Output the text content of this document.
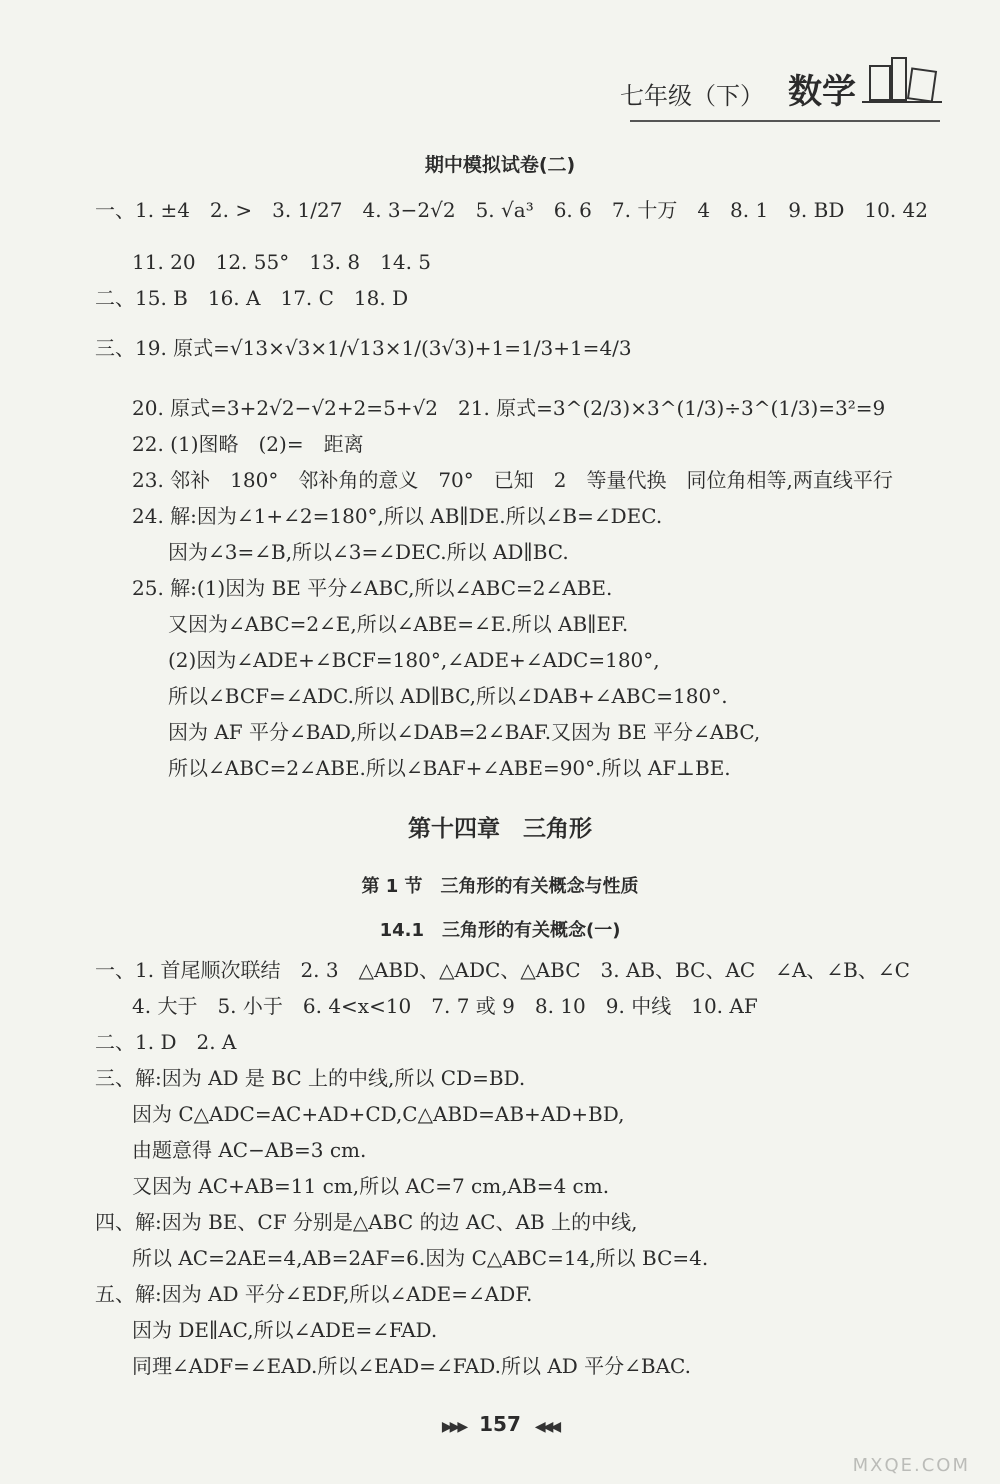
七年级（下） 数学
期中模拟试卷(二)
一、1. ±4　2. >　3. 1/27　4. 3−2√2　5. √a³　6. 6　7. 十万　4　8. 1　9. BD　10. 42
11. 20　12. 55°　13. 8　14. 5
二、15. B　16. A　17. C　18. D
三、19. 原式=√13×√3×1/√13×1/(3√3)+1=1/3+1=4/3
20. 原式=3+2√2−√2+2=5+√2　21. 原式=3^(2/3)×3^(1/3)÷3^(1/3)=3²=9
22. (1)图略　(2)=　距离
23. 邻补　180°　邻补角的意义　70°　已知　2　等量代换　同位角相等,两直线平行
24. 解:因为∠1+∠2=180°,所以 AB∥DE.所以∠B=∠DEC.
因为∠3=∠B,所以∠3=∠DEC.所以 AD∥BC.
25. 解:(1)因为 BE 平分∠ABC,所以∠ABC=2∠ABE.
又因为∠ABC=2∠E,所以∠ABE=∠E.所以 AB∥EF.
(2)因为∠ADE+∠BCF=180°,∠ADE+∠ADC=180°,
所以∠BCF=∠ADC.所以 AD∥BC,所以∠DAB+∠ABC=180°.
因为 AF 平分∠BAD,所以∠DAB=2∠BAF.又因为 BE 平分∠ABC,
所以∠ABC=2∠ABE.所以∠BAF+∠ABE=90°.所以 AF⊥BE.
第十四章　三角形
第 1 节　三角形的有关概念与性质
14.1　三角形的有关概念(一)
一、1. 首尾顺次联结　2. 3　△ABD、△ADC、△ABC　3. AB、BC、AC　∠A、∠B、∠C
4. 大于　5. 小于　6. 4<x<10　7. 7 或 9　8. 10　9. 中线　10. AF
二、1. D　2. A
三、解:因为 AD 是 BC 上的中线,所以 CD=BD.
因为 C△ADC=AC+AD+CD,C△ABD=AB+AD+BD,
由题意得 AC−AB=3 cm.
又因为 AC+AB=11 cm,所以 AC=7 cm,AB=4 cm.
四、解:因为 BE、CF 分别是△ABC 的边 AC、AB 上的中线,
所以 AC=2AE=4,AB=2AF=6.因为 C△ABC=14,所以 BC=4.
五、解:因为 AD 平分∠EDF,所以∠ADE=∠ADF.
因为 DE∥AC,所以∠ADE=∠FAD.
同理∠ADF=∠EAD.所以∠EAD=∠FAD.所以 AD 平分∠BAC.
▶▶▶ 157 ◀◀◀
MXQE.COM
